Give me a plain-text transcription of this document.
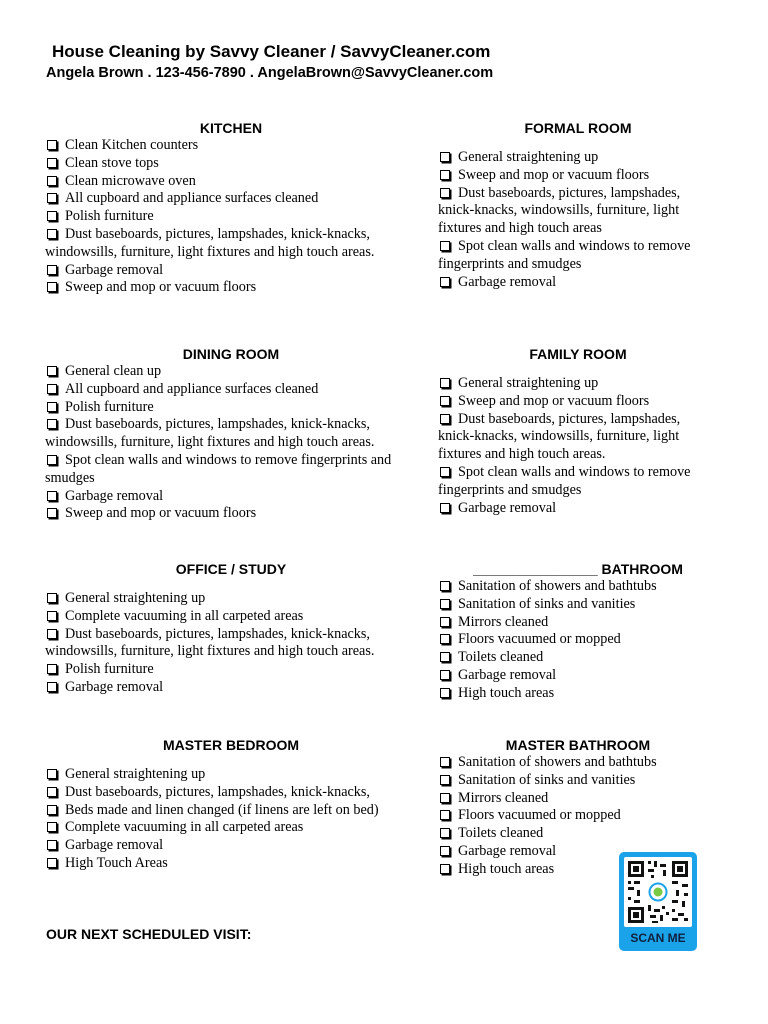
House Cleaning by Savvy Cleaner / SavvyCleaner.com
Angela Brown . 123-456-7890 . AngelaBrown@SavvyCleaner.com
KITCHEN
Clean Kitchen counters
Clean stove tops
Clean microwave oven
All cupboard and appliance surfaces cleaned
Polish furniture
Dust baseboards, pictures, lampshades, knick-knacks, windowsills, furniture, light fixtures and high touch areas.
Garbage removal
Sweep and mop or vacuum floors
FORMAL ROOM
General straightening up
Sweep and mop or vacuum floors
Dust baseboards, pictures, lampshades, knick-knacks, windowsills, furniture, light fixtures and high touch areas
Spot clean walls and windows to remove fingerprints and smudges
Garbage removal
DINING ROOM
General clean up
All cupboard and appliance surfaces cleaned
Polish furniture
Dust baseboards, pictures, lampshades, knick-knacks, windowsills, furniture, light fixtures and high touch areas.
Spot clean walls and windows to remove fingerprints and smudges
Garbage removal
Sweep and mop or vacuum floors
FAMILY ROOM
General straightening up
Sweep and mop or vacuum floors
Dust baseboards, pictures, lampshades, knick-knacks, windowsills, furniture, light fixtures and high touch areas.
Spot clean walls and windows to remove fingerprints and smudges
Garbage removal
OFFICE / STUDY
General straightening up
Complete vacuuming in all carpeted areas
Dust baseboards, pictures, lampshades, knick-knacks, windowsills, furniture, light fixtures and high touch areas.
Polish furniture
Garbage removal
________________ BATHROOM
Sanitation of showers and bathtubs
Sanitation of sinks and vanities
Mirrors cleaned
Floors vacuumed or mopped
Toilets cleaned
Garbage removal
High touch areas
MASTER BEDROOM
General straightening up
Dust baseboards, pictures, lampshades, knick-knacks,
Beds made and linen changed (if linens are left on bed)
Complete vacuuming in all carpeted areas
Garbage removal
High Touch Areas
MASTER BATHROOM
Sanitation of showers and bathtubs
Sanitation of sinks and vanities
Mirrors cleaned
Floors vacuumed or mopped
Toilets cleaned
Garbage removal
High touch areas
OUR NEXT SCHEDULED VISIT:	SCAN ME
